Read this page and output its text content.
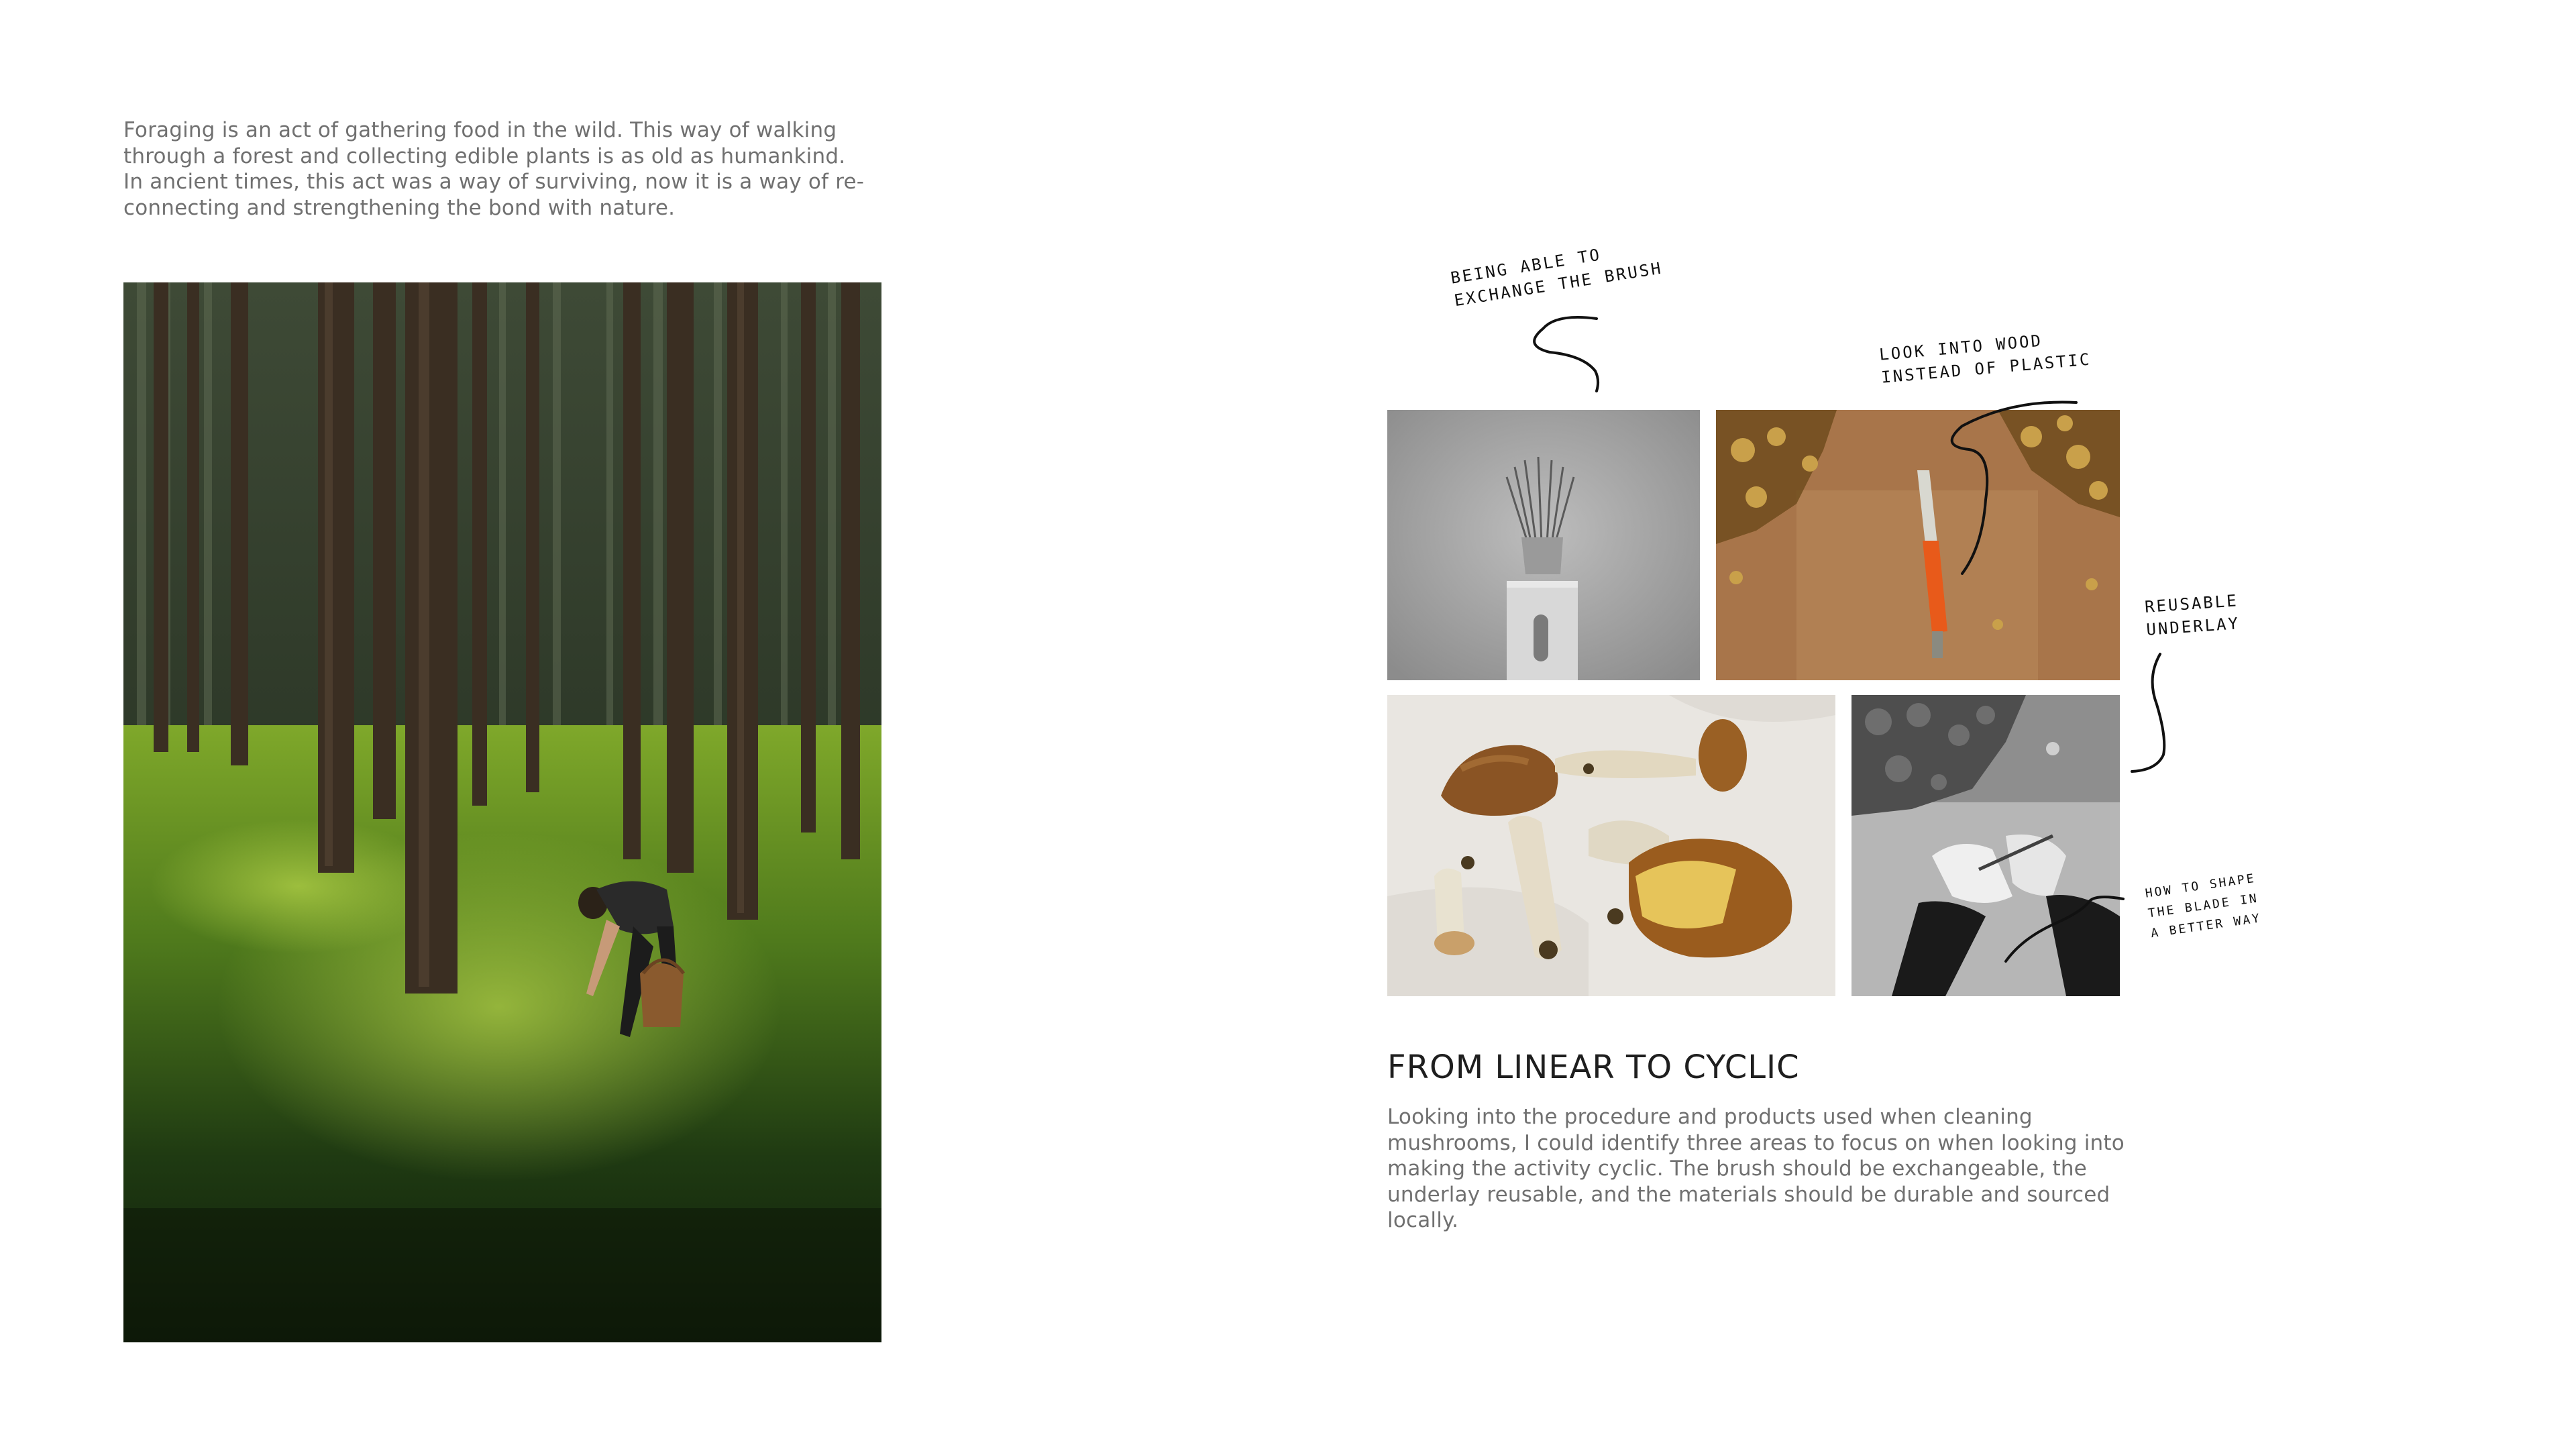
Foraging is an act of gathering food in the wild. This way of walking
through a forest and collecting edible plants is as old as humankind.
In ancient times, this act was a way of surviving, now it is a way of re-
connecting and strengthening the bond with nature.

FROM LINEAR TO CYCLIC

Looking into the procedure and products used when cleaning mushrooms, I could identify three areas to focus on when looking into making the activity cyclic. The brush should be exchangeable, the underlay reusable, and the materials should be durable and sourced locally.

BEING ABLE TO
EXCHANGE THE BRUSH

LOOK INTO WOOD
INSTEAD OF PLASTIC

REUSABLE
UNDERLAY

HOW TO SHAPE
THE BLADE IN
A BETTER WAY
